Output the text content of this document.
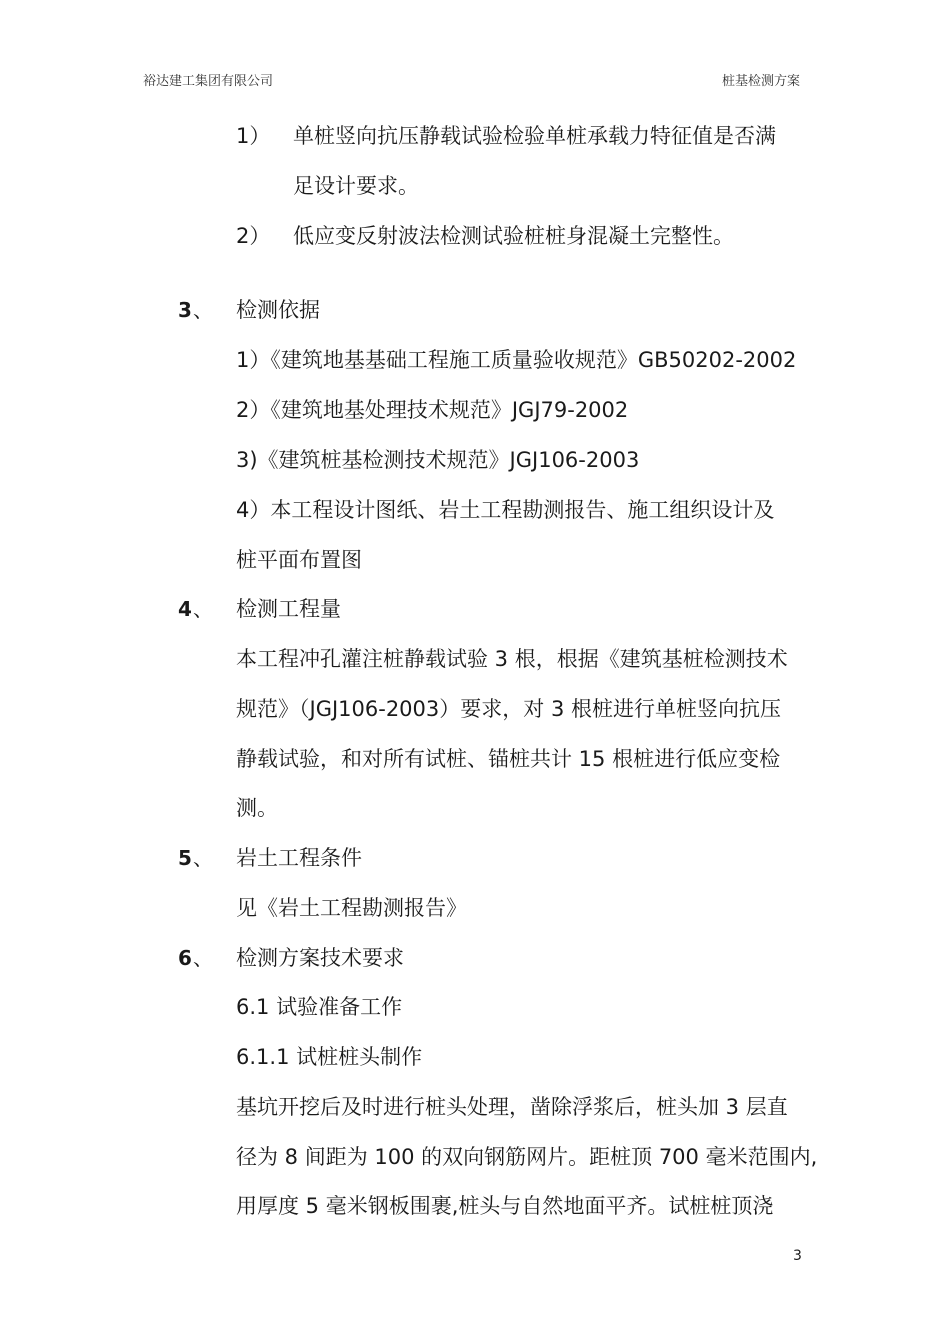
裕达建工集团有限公司	桩基检测方案
1） 单桩竖向抗压静载试验检验单桩承载力特征值是否满
足设计要求。
2） 低应变反射波法检测试验桩桩身混凝土完整性。
3 、 检测依据
1）《建筑地基基础工程施工质量验收规范》GB50202-2002
2）《建筑地基处理技术规范》JGJ79-2002
3)《建筑桩基检测技术规范》JGJ106-2003
4）本工程设计图纸、岩土工程勘测报告、施工组织设计及
桩平面布置图
4 、 检测工程量
本工程冲孔灌注桩静载试验 3 根，根据《建筑基桩检测技术
规范》（JGJ106-2003）要求，对 3 根桩进行单桩竖向抗压
静载试验，和对所有试桩、锚桩共计 15 根桩进行低应变检
测。
5 、 岩土工程条件
见《岩土工程勘测报告》
6 、 检测方案技术要求
6.1 试验准备工作
6.1.1 试桩桩头制作
基坑开挖后及时进行桩头处理，凿除浮浆后，桩头加 3 层直
径为 8 间距为 100 的双向钢筋网片。距桩顶 700 毫米范围内,
用厚度 5 毫米钢板围裹,桩头与自然地面平齐。试桩桩顶浇
3
